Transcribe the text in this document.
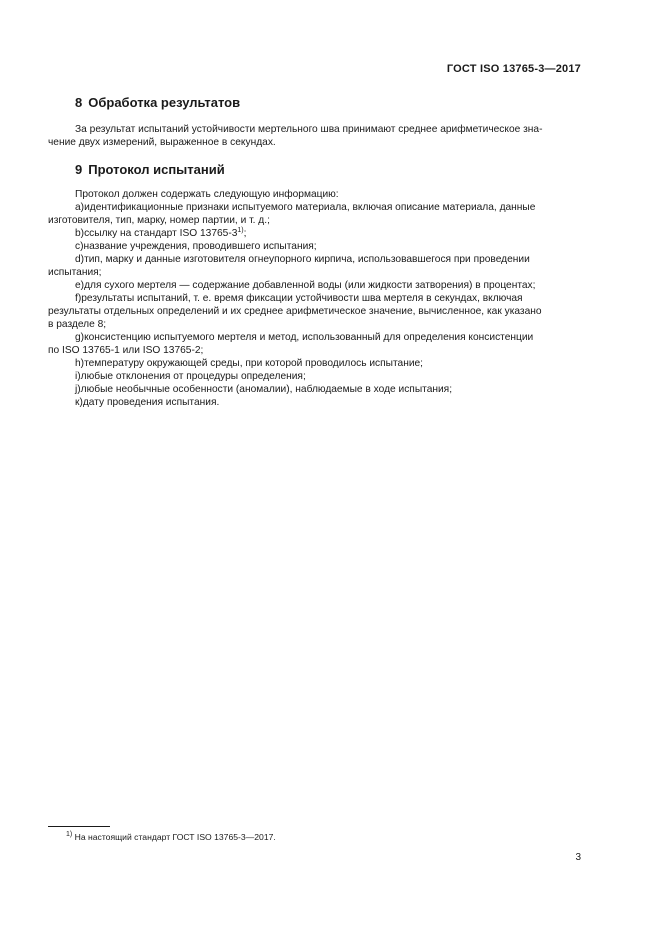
ГОСТ ISO 13765-3—2017
8 Обработка результатов

За результат испытаний устойчивости мертельного шва принимают среднее арифметическое зна-

чение двух измерений, выраженное в секундах.

9 Протокол испытаний

Протокол должен содержать следующую информацию:

а)идентификационные признаки испытуемого материала, включая описание материала, данные

изготовителя, тип, марку, номер партии, и т. д.;

b)ссылку на стандарт ISO 13765-3$^{1)}$;

с)название учреждения, проводившего испытания;

d)тип, марку и данные изготовителя огнеупорного кирпича, использовавшегося при проведении

испытания;

е)для сухого мертеля — содержание добавленной воды (или жидкости затворения) в процентах;

f)результаты испытаний, т. е. время фиксации устойчивости шва мертеля в секундах, включая

результаты отдельных определений и их среднее арифметическое значение, вычисленное, как указано

в разделе 8;

g)консистенцию испытуемого мертеля и метод, использованный для определения консистенции

по ISO 13765-1 или ISO 13765-2;

h)температуру окружающей среды, при которой проводилось испытание;

i)любые отклонения от процедуры определения;

j)любые необычные особенности (аномалии), наблюдаемые в ходе испытания;

к)дату проведения испытания.

$^{1)}$ На настоящий стандарт ГОСТ ISO 13765-3—2017.
3
